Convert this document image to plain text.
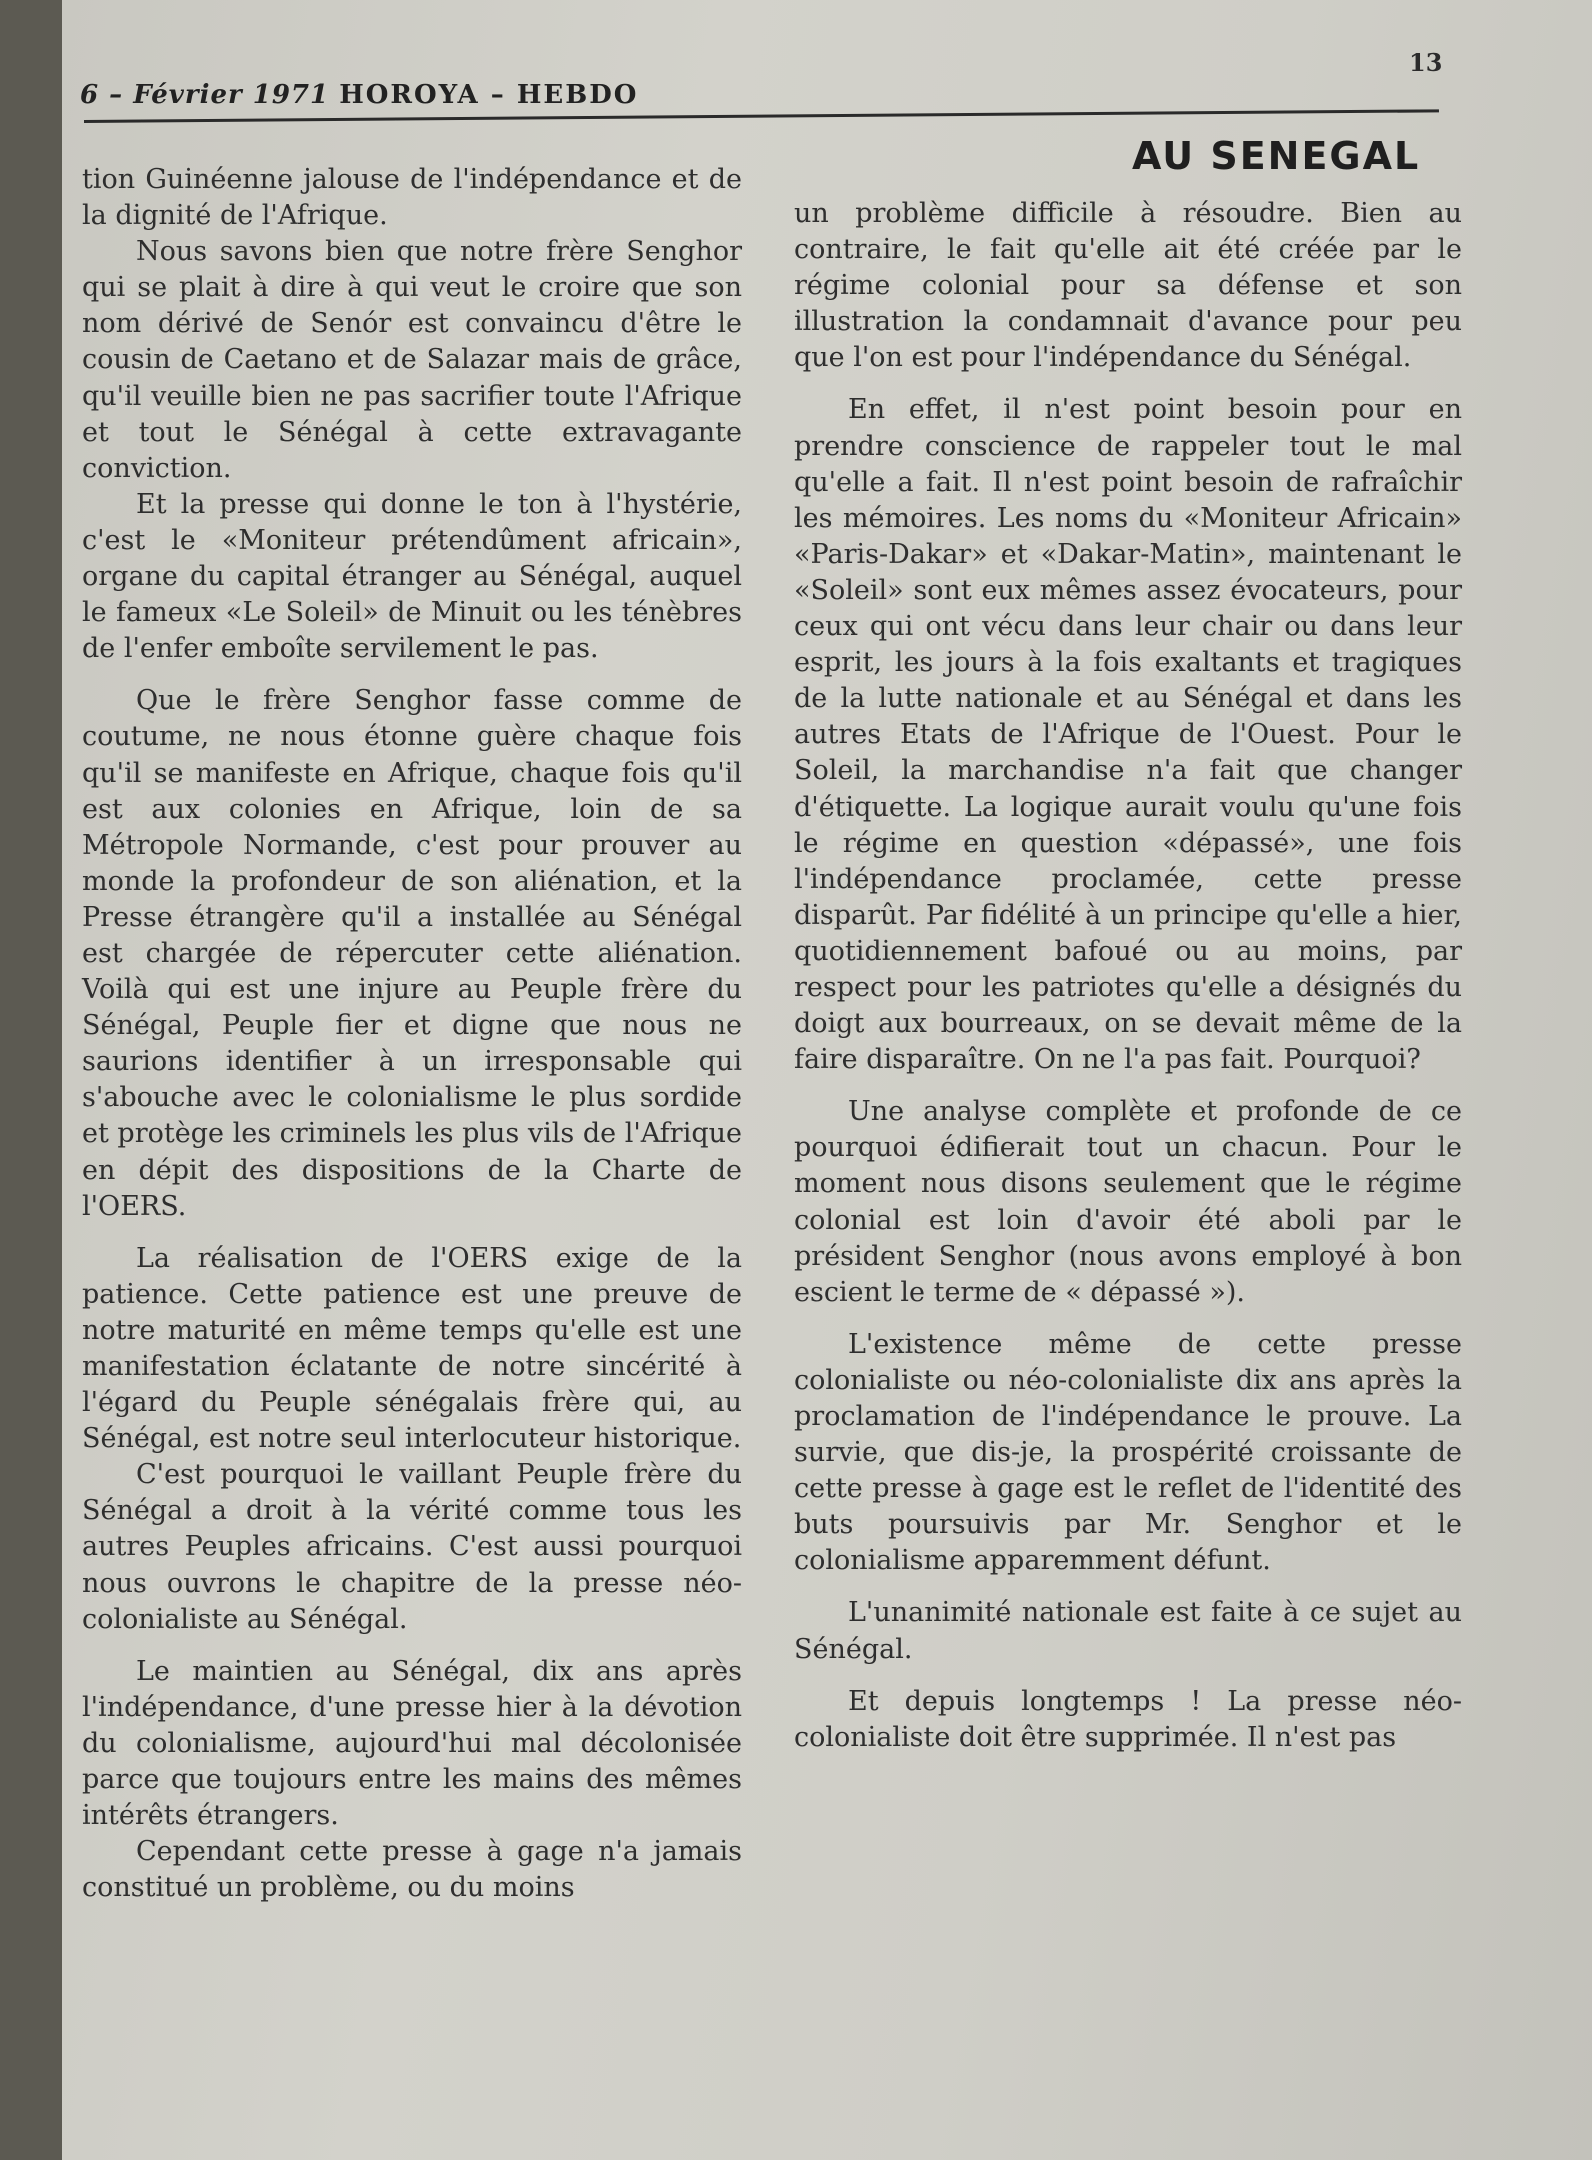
13
6 – Février 1971 HOROYA – HEBDO
AU SENEGAL

tion Guinéenne jalouse de l'indépendance et de la dignité de l'Afrique.

Nous savons bien que notre frère Senghor qui se plait à dire à qui veut le croire que son nom dérivé de Senór est convaincu d'être le cousin de Caetano et de Salazar mais de grâce, qu'il veuille bien ne pas sacrifier toute l'Afrique et tout le Sénégal à cette extravagante conviction.

Et la presse qui donne le ton à l'hystérie, c'est le «Moniteur prétendûment africain», organe du capital étranger au Sénégal, auquel le fameux «Le Soleil» de Minuit ou les ténèbres de l'enfer emboîte servilement le pas.

Que le frère Senghor fasse comme de coutume, ne nous étonne guère chaque fois qu'il se manifeste en Afrique, chaque fois qu'il est aux colonies en Afrique, loin de sa Métropole Normande, c'est pour prouver au monde la profondeur de son aliénation, et la Presse étrangère qu'il a installée au Sénégal est chargée de répercuter cette aliénation. Voilà qui est une injure au Peuple frère du Sénégal, Peuple fier et digne que nous ne saurions identifier à un irresponsable qui s'abouche avec le colonialisme le plus sordide et protège les criminels les plus vils de l'Afrique en dépit des dispositions de la Charte de l'OERS.

La réalisation de l'OERS exige de la patience. Cette patience est une preuve de notre maturité en même temps qu'elle est une manifestation éclatante de notre sincérité à l'égard du Peuple sénégalais frère qui, au Sénégal, est notre seul interlocuteur historique.

C'est pourquoi le vaillant Peuple frère du Sénégal a droit à la vérité comme tous les autres Peuples africains. C'est aussi pourquoi nous ouvrons le chapitre de la presse néo-colonialiste au Sénégal.

Le maintien au Sénégal, dix ans après l'indépendance, d'une presse hier à la dévotion du colonialisme, aujourd'hui mal décolonisée parce que toujours entre les mains des mêmes intérêts étrangers.

Cependant cette presse à gage n'a jamais constitué un problème, ou du moins

un problème difficile à résoudre. Bien au contraire, le fait qu'elle ait été créée par le régime colonial pour sa défense et son illustration la condamnait d'avance pour peu que l'on est pour l'indépendance du Sénégal.

En effet, il n'est point besoin pour en prendre conscience de rappeler tout le mal qu'elle a fait. Il n'est point besoin de rafraîchir les mémoires. Les noms du «Moniteur Africain» «Paris-Dakar» et «Dakar-Matin», maintenant le «Soleil» sont eux mêmes assez évocateurs, pour ceux qui ont vécu dans leur chair ou dans leur esprit, les jours à la fois exaltants et tragiques de la lutte nationale et au Sénégal et dans les autres Etats de l'Afrique de l'Ouest. Pour le Soleil, la marchandise n'a fait que changer d'étiquette. La logique aurait voulu qu'une fois le régime en question «dépassé», une fois l'indépendance proclamée, cette presse disparût. Par fidélité à un principe qu'elle a hier, quotidiennement bafoué ou au moins, par respect pour les patriotes qu'elle a désignés du doigt aux bourreaux, on se devait même de la faire disparaître. On ne l'a pas fait. Pourquoi?

Une analyse complète et profonde de ce pourquoi édifierait tout un chacun. Pour le moment nous disons seulement que le régime colonial est loin d'avoir été aboli par le président Senghor (nous avons employé à bon escient le terme de « dépassé »).

L'existence même de cette presse colonialiste ou néo-colonialiste dix ans après la proclamation de l'indépendance le prouve. La survie, que dis-je, la prospérité croissante de cette presse à gage est le reflet de l'identité des buts poursuivis par Mr. Senghor et le colonialisme apparemment défunt.

L'unanimité nationale est faite à ce sujet au Sénégal.

Et depuis longtemps ! La presse néo-colonialiste doit être supprimée. Il n'est pas
